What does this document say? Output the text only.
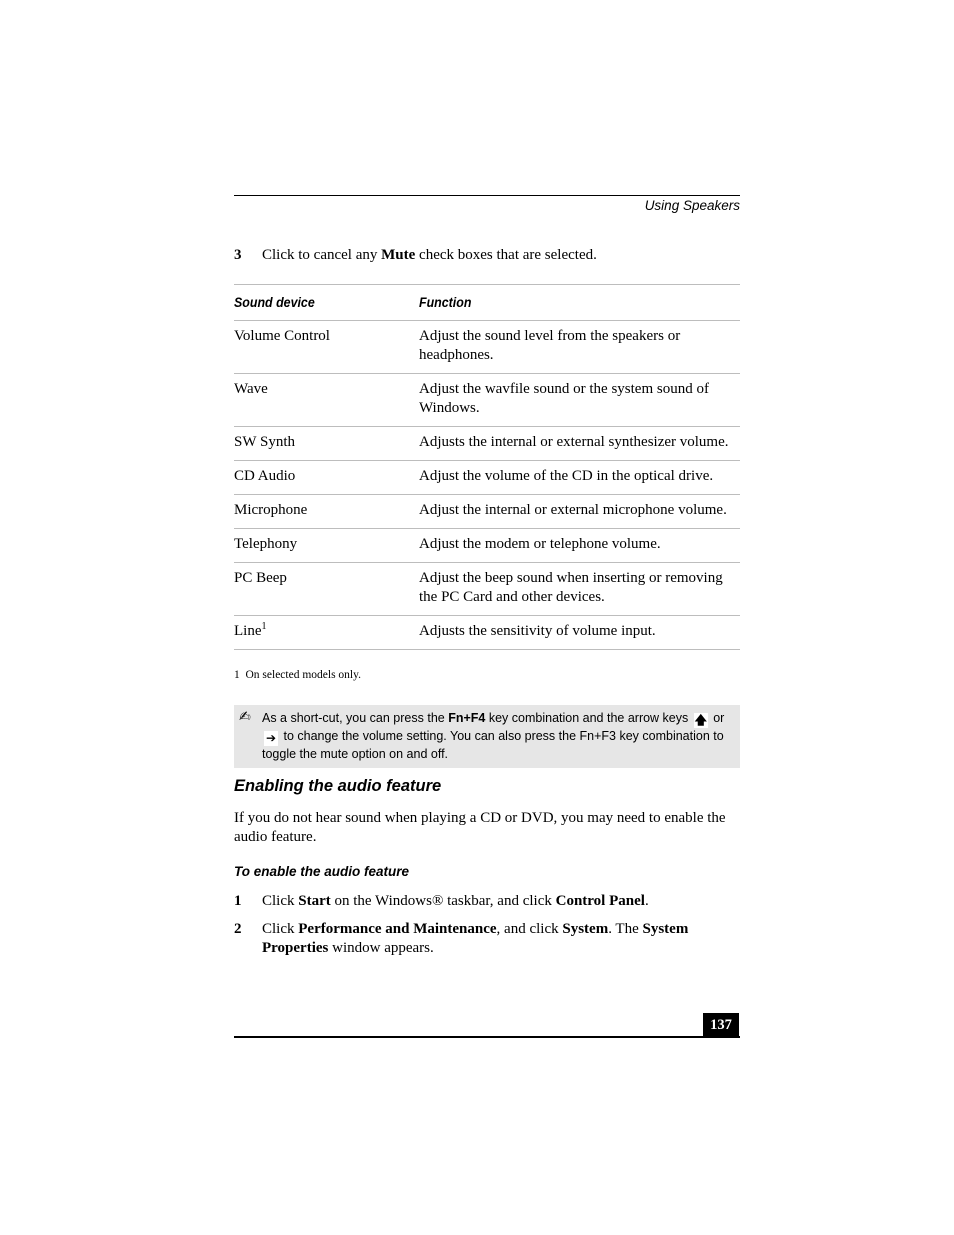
Using Speakers
3 Click to cancel any Mute check boxes that are selected.
Sound device	Function
Volume Control	Adjust the sound level from the speakers or headphones.
Wave	Adjust the wavfile sound or the system sound of Windows.
SW Synth	Adjusts the internal or external synthesizer volume.
CD Audio	Adjust the volume of the CD in the optical drive.
Microphone	Adjust the internal or external microphone volume.
Telephony	Adjust the modem or telephone volume.
PC Beep	Adjust the beep sound when inserting or removing the PC Card and other devices.
Line$^1$	Adjusts the sensitivity of volume input.
1 On selected models only.
✍ As a short-cut, you can press the Fn+F4 key combination and the arrow keys 🡅 or
➔ to change the volume setting. You can also press the Fn+F3 key combination to toggle the mute option on and off.
Enabling the audio feature
If you do not hear sound when playing a CD or DVD, you may need to enable the audio feature.
To enable the audio feature
1 Click Start on the Windows® taskbar, and click Control Panel.
2 Click Performance and Maintenance, and click System. The System Properties window appears.
137
